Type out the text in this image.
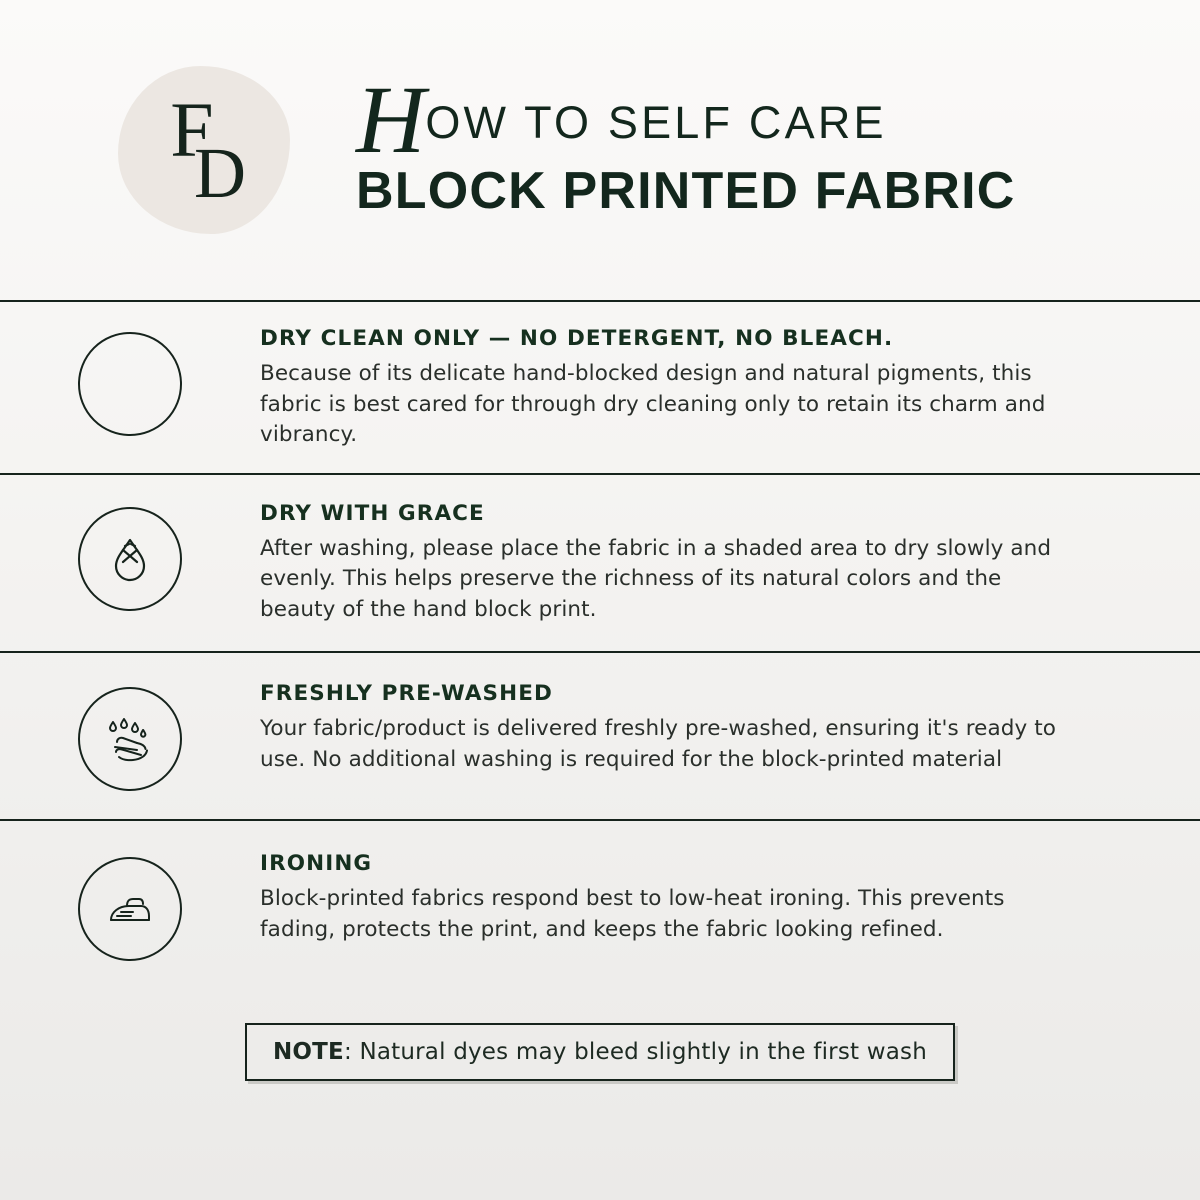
F
D H OW TO SELF CARE
BLOCK PRINTED FABRIC

DRY CLEAN ONLY — NO DETERGENT, NO BLEACH.

Because of its delicate hand-blocked design and natural pigments, this fabric is best cared for through dry cleaning only to retain its charm and vibrancy.

DRY WITH GRACE

After washing, please place the fabric in a shaded area to dry slowly and evenly. This helps preserve the richness of its natural colors and the beauty of the hand block print.

FRESHLY PRE-WASHED

Your fabric/product is delivered freshly pre-washed, ensuring it's ready to use. No additional washing is required for the block-printed material

IRONING

Block-printed fabrics respond best to low-heat ironing. This prevents fading, protects the print, and keeps the fabric looking refined.

NOTE: Natural dyes may bleed slightly in the first wash
